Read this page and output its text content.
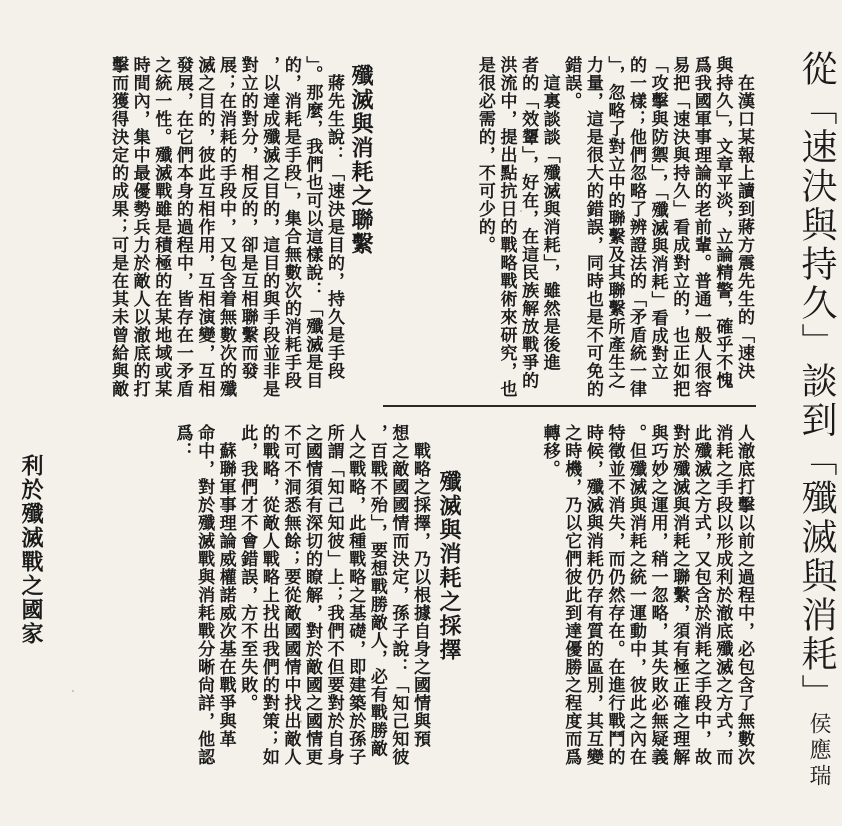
從「速決與持久」談到「殲滅與消耗」
侯應瑞
　在漢口某報上讀到蔣方震先生的「速決
與持久」，文章平淡，立論精警，確乎不愧
爲我國軍事理論的老前輩。普通一般人很容
易把「速決與持久」看成對立的，也正如把
「攻擊與防禦」，「殲滅與消耗」看成對立
的一樣；他們忽略了辨證法的「矛盾統一律
」，忽略了對立中的聯繫及其聯繫所產生之
力量，這是很大的錯誤，同時也是不可免的
錯誤。
　這裏談談「殲滅與消耗」，雖然是後進
者的「效顰」，好在，在這民族解放戰爭的
洪流中，提出點抗日的戰略戰術來研究，也
是很必需的，不可少的。
殲滅與消耗之聯繫
　蔣先生說：「速決是目的，持久是手段
」。那麼，我們也可以這樣說：「殲滅是目
的，消耗是手段」，集合無數次的消耗手段
，以達成殲滅之目的，這目的與手段並非是
對立的對分，相反的，卻是互相聯繫而發
展；在消耗的手段中，又包含着無數次的殲
滅之目的，彼此互相作用，互相演變，互相
發展，在它們本身的過程中，皆存在一矛盾
之統一性。殲滅戰雖是積極的在某地域或某
時間內，集中最優勢兵力於敵人以澈底的打
擊而獲得決定的成果；可是在其未曾給與敵
人澈底打擊以前之過程中，必包含了無數次
消耗之手段以形成利於澈底殲滅之方式，而
此殲滅之方式，又包含於消耗之手段中，故
對於殲滅與消耗之聯繫，須有極正確之理解
與巧妙之運用，稍一忽略，其失敗必無疑義
。但殲滅與消耗之統一運動中，彼此之內在
特徵並不消失，而仍然存在。在進行戰鬥的
時候，殲滅與消耗仍存有質的區別，其互變
之時機，乃以它們彼此到達優勝之程度而爲
轉移。
殲滅與消耗之採擇
　戰略之採擇，乃以根據自身之國情與預
想之敵國國情而決定，孫子說：「知己知彼
，百戰不殆」，要想戰勝敵人，必有戰勝敵
人之戰略，此種戰略之基礎，即建築於孫子
所謂「知己知彼」上；我們不但要對於自身
之國情須有深切的瞭解，對於敵國之國情更
不可不洞悉無餘；要從敵國國情中找出敵人
的戰略，從敵人戰略上找出我們的對策；如
此，我們才不會錯誤，方不至失敗。
　蘇聯軍事理論威權諾威次基在戰爭與革
命中，對於殲滅戰與消耗戰分晰尙詳，他認
爲：
利於殲滅戰之國家
